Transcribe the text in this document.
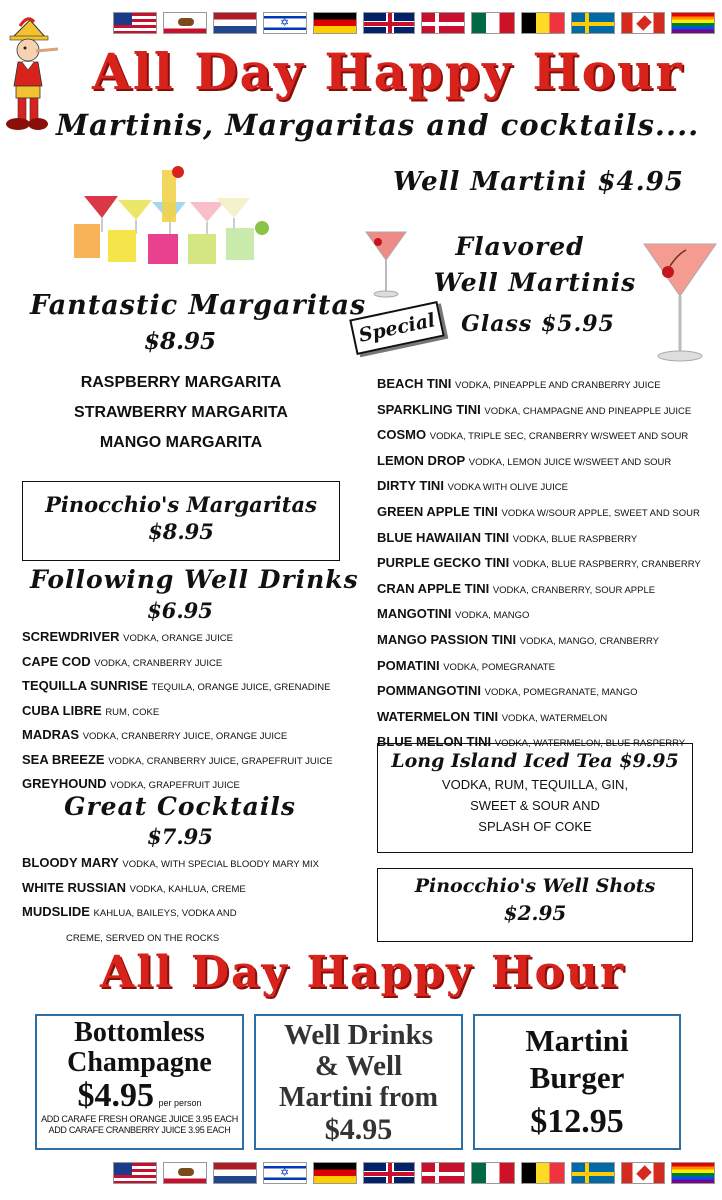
✡
All Day Happy Hour
Martinis, Margaritas and cocktails....
Well Martini $4.95
Special
Flavored
Well Martinis
Glass $5.95
Fantastic Margaritas
$8.95
RASPBERRY MARGARITA
STRAWBERRY MARGARITA
MANGO MARGARITA
Pinocchio's Margaritas
$8.95
Following Well Drinks
$6.95
SCREWDRIVER VODKA, ORANGE JUICE
CAPE COD VODKA, CRANBERRY JUICE
TEQUILLA SUNRISE TEQUILA, ORANGE JUICE, GRENADINE
CUBA LIBRE RUM, COKE
MADRAS VODKA, CRANBERRY JUICE, ORANGE JUICE
SEA BREEZE VODKA, CRANBERRY JUICE, GRAPEFRUIT JUICE
GREYHOUND VODKA, GRAPEFRUIT JUICE
Great Cocktails
$7.95
BLOODY MARY VODKA, WITH SPECIAL BLOODY MARY MIX
WHITE RUSSIAN VODKA, KAHLUA, CREME
MUDSLIDE KAHLUA, BAILEYS, VODKA AND
CREME, SERVED ON THE ROCKS
BEACH TINI VODKA, PINEAPPLE AND CRANBERRY JUICE
SPARKLING TINI VODKA, CHAMPAGNE AND PINEAPPLE JUICE
COSMO VODKA, TRIPLE SEC, CRANBERRY W/SWEET AND SOUR
LEMON DROP VODKA, LEMON JUICE W/SWEET AND SOUR
DIRTY TINI VODKA WITH OLIVE JUICE
GREEN APPLE TINI VODKA W/SOUR APPLE, SWEET AND SOUR
BLUE HAWAIIAN TINI VODKA, BLUE RASPBERRY
PURPLE GECKO TINI VODKA, BLUE RASPBERRY, CRANBERRY
CRAN APPLE TINI VODKA, CRANBERRY, SOUR APPLE
MANGOTINI VODKA, MANGO
MANGO PASSION TINI VODKA, MANGO, CRANBERRY
POMATINI VODKA, POMEGRANATE
POMMANGOTINI VODKA, POMEGRANATE, MANGO
WATERMELON TINI VODKA, WATERMELON
BLUE MELON TINI VODKA, WATERMELON, BLUE RASPERRY
Long Island Iced Tea $9.95
VODKA, RUM, TEQUILLA, GIN,
SWEET & SOUR AND
SPLASH OF COKE
Pinocchio's Well Shots
$2.95
All Day Happy Hour
Bottomless
Champagne
$4.95 per person
ADD CARAFE FRESH ORANGE JUICE 3.95 EACH
ADD CARAFE CRANBERRY JUICE 3.95 EACH
Well Drinks
& Well
Martini from
$4.95
Martini
Burger
$12.95
✡
